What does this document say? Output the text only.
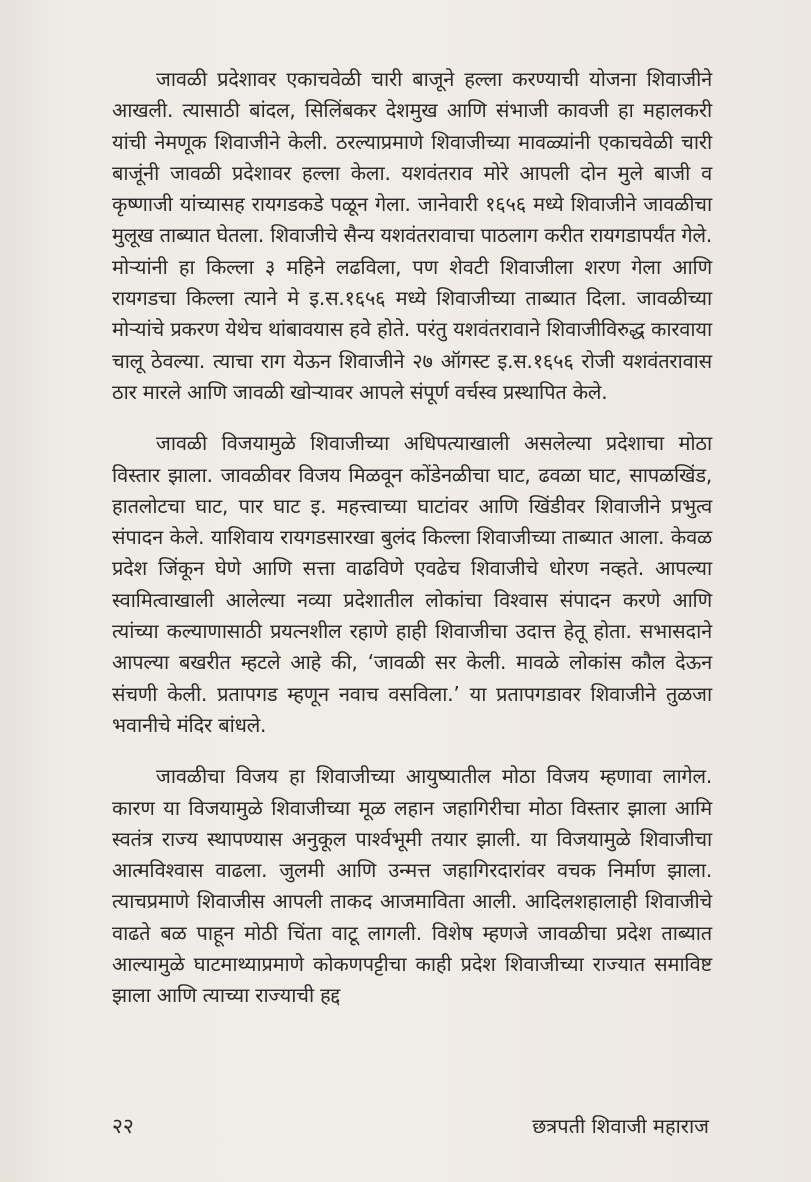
जावळी प्रदेशावर एकाचवेळी चारी बाजूने हल्ला करण्याची योजना शिवाजीने आखली. त्यासाठी बांदल, सिलिंबकर देशमुख आणि संभाजी कावजी हा महालकरी यांची नेमणूक शिवाजीने केली. ठरल्याप्रमाणे शिवाजीच्या मावळ्यांनी एकाचवेळी चारी बाजूंनी जावळी प्रदेशावर हल्ला केला. यशवंतराव मोरे आपली दोन मुले बाजी व कृष्णाजी यांच्यासह रायगडकडे पळून गेला. जानेवारी १६५६ मध्ये शिवाजीने जावळीचा मुलूख ताब्यात घेतला. शिवाजीचे सैन्य यशवंतरावाचा पाठलाग करीत रायगडापर्यंत गेले. मोऱ्यांनी हा किल्ला ३ महिने लढविला, पण शेवटी शिवाजीला शरण गेला आणि रायगडचा किल्ला त्याने मे इ.स.१६५६ मध्ये शिवाजीच्या ताब्यात दिला. जावळीच्या मोऱ्यांचे प्रकरण येथेच थांबावयास हवे होते. परंतु यशवंतरावाने शिवाजीविरुद्ध कारवाया चालू ठेवल्या. त्याचा राग येऊन शिवाजीने २७ ऑगस्ट इ.स.१६५६ रोजी यशवंतरावास ठार मारले आणि जावळी खोऱ्यावर आपले संपूर्ण वर्चस्व प्रस्थापित केले.

जावळी विजयामुळे शिवाजीच्या अधिपत्याखाली असलेल्या प्रदेशाचा मोठा विस्तार झाला. जावळीवर विजय मिळवून कोंडेनळीचा घाट, ढवळा घाट, सापळखिंड, हातलोटचा घाट, पार घाट इ. महत्त्वाच्या घाटांवर आणि खिंडीवर शिवाजीने प्रभुत्व संपादन केले. याशिवाय रायगडसारखा बुलंद किल्ला शिवाजीच्या ताब्यात आला. केवळ प्रदेश जिंकून घेणे आणि सत्ता वाढविणे एवढेच शिवाजीचे धोरण नव्हते. आपल्या स्वामित्वाखाली आलेल्या नव्या प्रदेशातील लोकांचा विश्वास संपादन करणे आणि त्यांच्या कल्याणासाठी प्रयत्नशील रहाणे हाही शिवाजीचा उदात्त हेतू होता. सभासदाने आपल्या बखरीत म्हटले आहे की, ‘जावळी सर केली. मावळे लोकांस कौल देऊन संचणी केली. प्रतापगड म्हणून नवाच वसविला.’ या प्रतापगडावर शिवाजीने तुळजा भवानीचे मंदिर बांधले.

जावळीचा विजय हा शिवाजीच्या आयुष्यातील मोठा विजय म्हणावा लागेल. कारण या विजयामुळे शिवाजीच्या मूळ लहान जहागिरीचा मोठा विस्तार झाला आमि स्वतंत्र राज्य स्थापण्यास अनुकूल पार्श्वभूमी तयार झाली. या विजयामुळे शिवाजीचा आत्मविश्वास वाढला. जुलमी आणि उन्मत्त जहागिरदारांवर वचक निर्माण झाला. त्याचप्रमाणे शिवाजीस आपली ताकद आजमाविता आली. आदिलशहालाही शिवाजीचे वाढते बळ पाहून मोठी चिंता वाटू लागली. विशेष म्हणजे जावळीचा प्रदेश ताब्यात आल्यामुळे घाटमाथ्याप्रमाणे कोकणपट्टीचा काही प्रदेश शिवाजीच्या राज्यात समाविष्ट झाला आणि त्याच्या राज्याची हद्द

२२	छत्रपती शिवाजी महाराज
